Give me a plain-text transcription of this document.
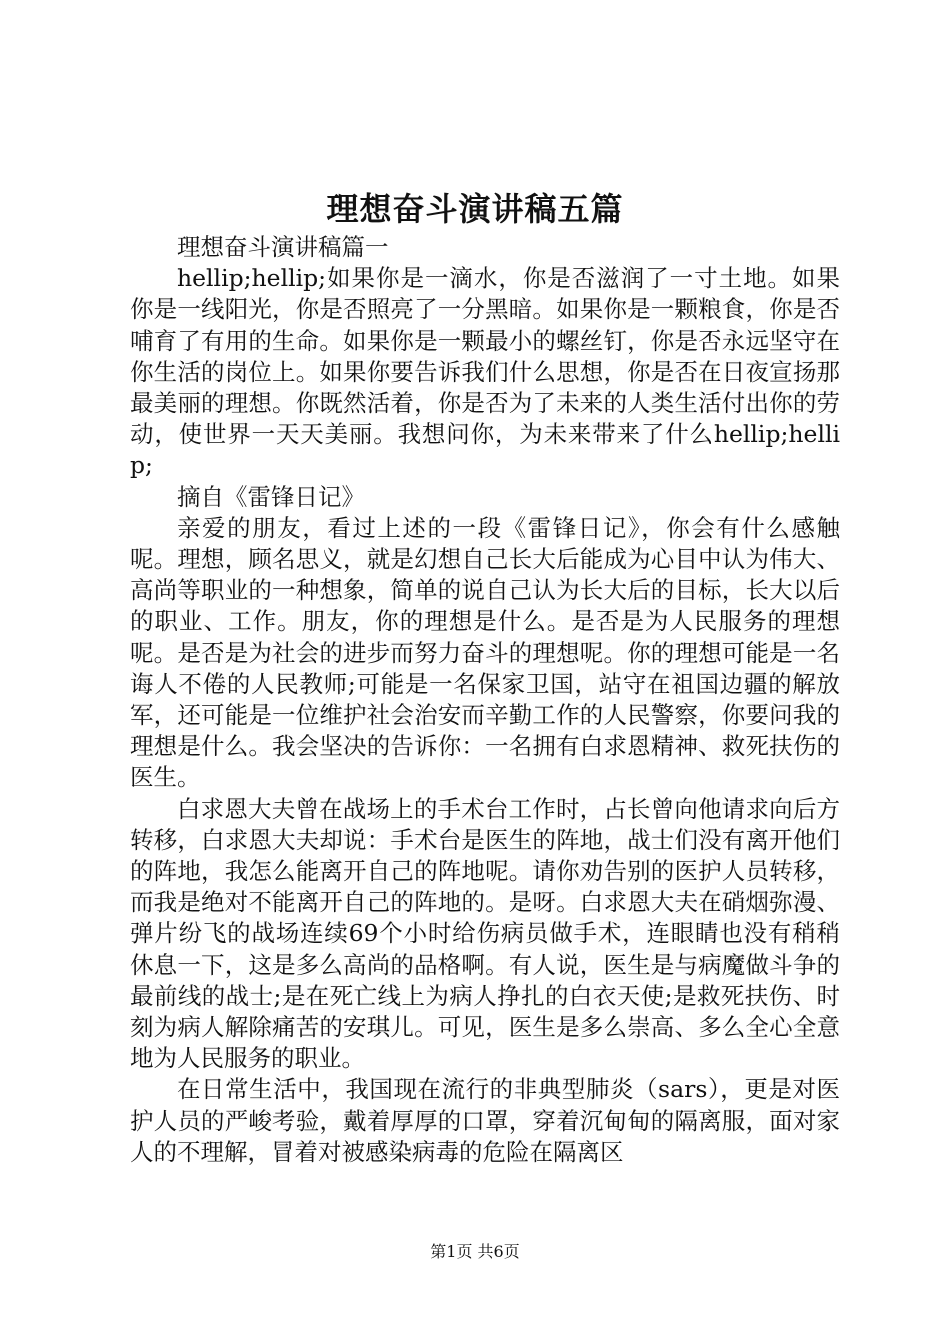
理想奋斗演讲稿五篇

理想奋斗演讲稿篇一

hellip;hellip;如果你是一滴水，你是否滋润了一寸土地。如果你是一线阳光，你是否照亮了一分黑暗。如果你是一颗粮食，你是否哺育了有用的生命。如果你是一颗最小的螺丝钉，你是否永远坚守在你生活的岗位上。如果你要告诉我们什么思想，你是否在日夜宣扬那最美丽的理想。你既然活着，你是否为了未来的人类生活付出你的劳动，使世界一天天美丽。我想问你，为未来带来了什么hellip;hellip;

摘自《雷锋日记》

亲爱的朋友，看过上述的一段《雷锋日记》，你会有什么感触呢。理想，顾名思义，就是幻想自己长大后能成为心目中认为伟大、高尚等职业的一种想象，简单的说自己认为长大后的目标，长大以后的职业、工作。朋友，你的理想是什么。是否是为人民服务的理想呢。是否是为社会的进步而努力奋斗的理想呢。你的理想可能是一名诲人不倦的人民教师;可能是一名保家卫国，站守在祖国边疆的解放军，还可能是一位维护社会治安而辛勤工作的人民警察，你要问我的理想是什么。我会坚决的告诉你：一名拥有白求恩精神、救死扶伤的医生。

白求恩大夫曾在战场上的手术台工作时，占长曾向他请求向后方转移，白求恩大夫却说：手术台是医生的阵地，战士们没有离开他们的阵地，我怎么能离开自己的阵地呢。请你劝告别的医护人员转移，而我是绝对不能离开自己的阵地的。是呀。白求恩大夫在硝烟弥漫、弹片纷飞的战场连续69个小时给伤病员做手术，连眼睛也没有稍稍休息一下，这是多么高尚的品格啊。有人说，医生是与病魔做斗争的最前线的战士;是在死亡线上为病人挣扎的白衣天使;是救死扶伤、时刻为病人解除痛苦的安琪儿。可见，医生是多么崇高、多么全心全意地为人民服务的职业。

在日常生活中，我国现在流行的非典型肺炎（sars），更是对医护人员的严峻考验，戴着厚厚的口罩，穿着沉甸甸的隔离服，面对家人的不理解，冒着对被感染病毒的危险在隔离区

第1页 共6页
